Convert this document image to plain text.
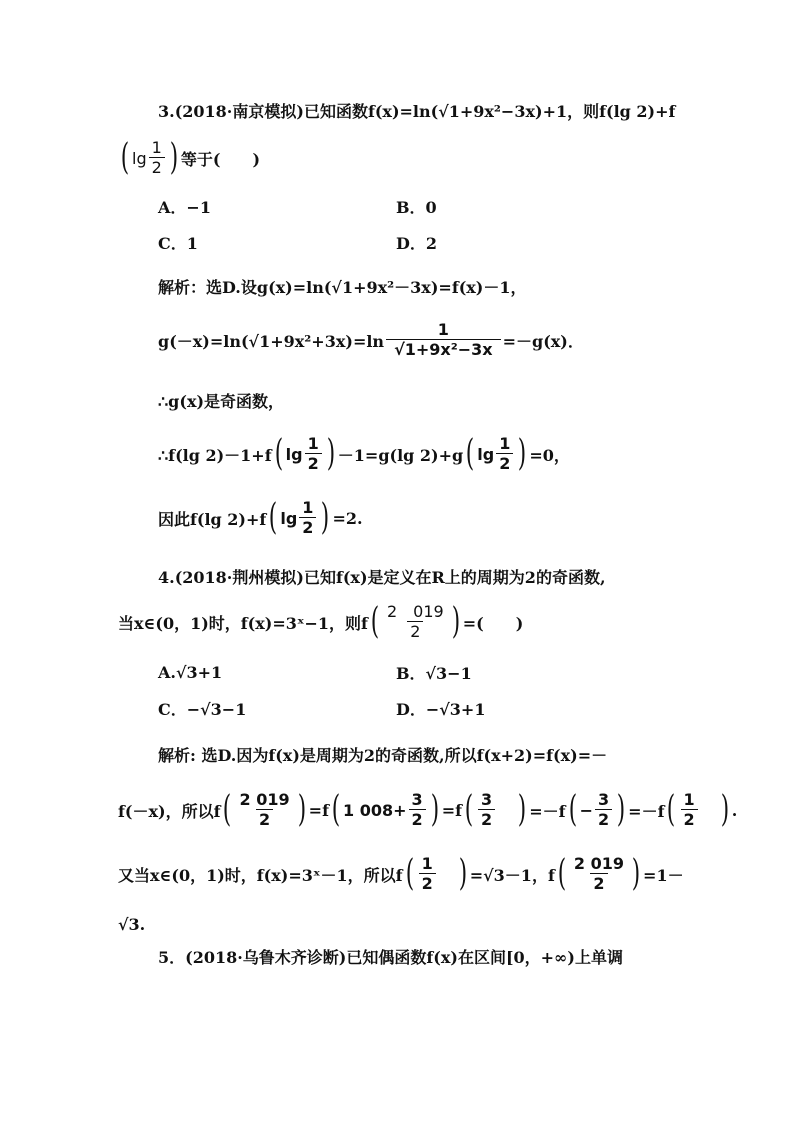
3.(2018·南京模拟)已知函数f(x)=ln(√1+9x²−3x)+1，则f(lg 2)+f
( $\lg \frac{1}{2}$ ) 等于(　　)
A．−1	B．0
C．1	D．2
解析：选D.设g(x)=ln(√1+9x²－3x)=f(x)－1，
$g(-x)=\ln(√1+9x^2+3x)=\ln \frac{1}{\text{√1+9x²−3x}} =-g(x)$．
∴g(x)是奇函数，
∴f(lg 2)－1+f ( $\lg \frac{1}{2}$ ) －1=g(lg 2)+g ( $\lg \frac{1}{2}$ ) =0，
因此f(lg 2)+f ( $\lg \frac{1}{2}$ ) =2.
4.(2018·荆州模拟)已知f(x)是定义在R上的周期为2的奇函数,
当x∈(0，1)时，f(x)=3ˣ−1，则f ( $\frac{2 019}{2}$ ) =(　　)
A.√3+1	B．√3−1
C．−√3−1	D．−√3+1
解析: 选D.因为f(x)是周期为2的奇函数,所以f(x+2)=f(x)=－
f(－x)，所以f ( $\frac{2 019}{2}$ ) =f ( 1 $008+ \frac{3}{2}$ ) =f ( $\frac{3}{2}$ ) =－f ( − $\frac{3}{2}$ ) =－f ( $\frac{1}{2}$ ) .
又当x∈(0，1)时，f(x)=3ˣ－1，所以f ( $\frac{1}{2}$ ) =√3－1，f ( $\frac{2 019}{2}$ ) =1－
√3.
5．(2018·乌鲁木齐诊断)已知偶函数f(x)在区间[0，+∞)上单调
